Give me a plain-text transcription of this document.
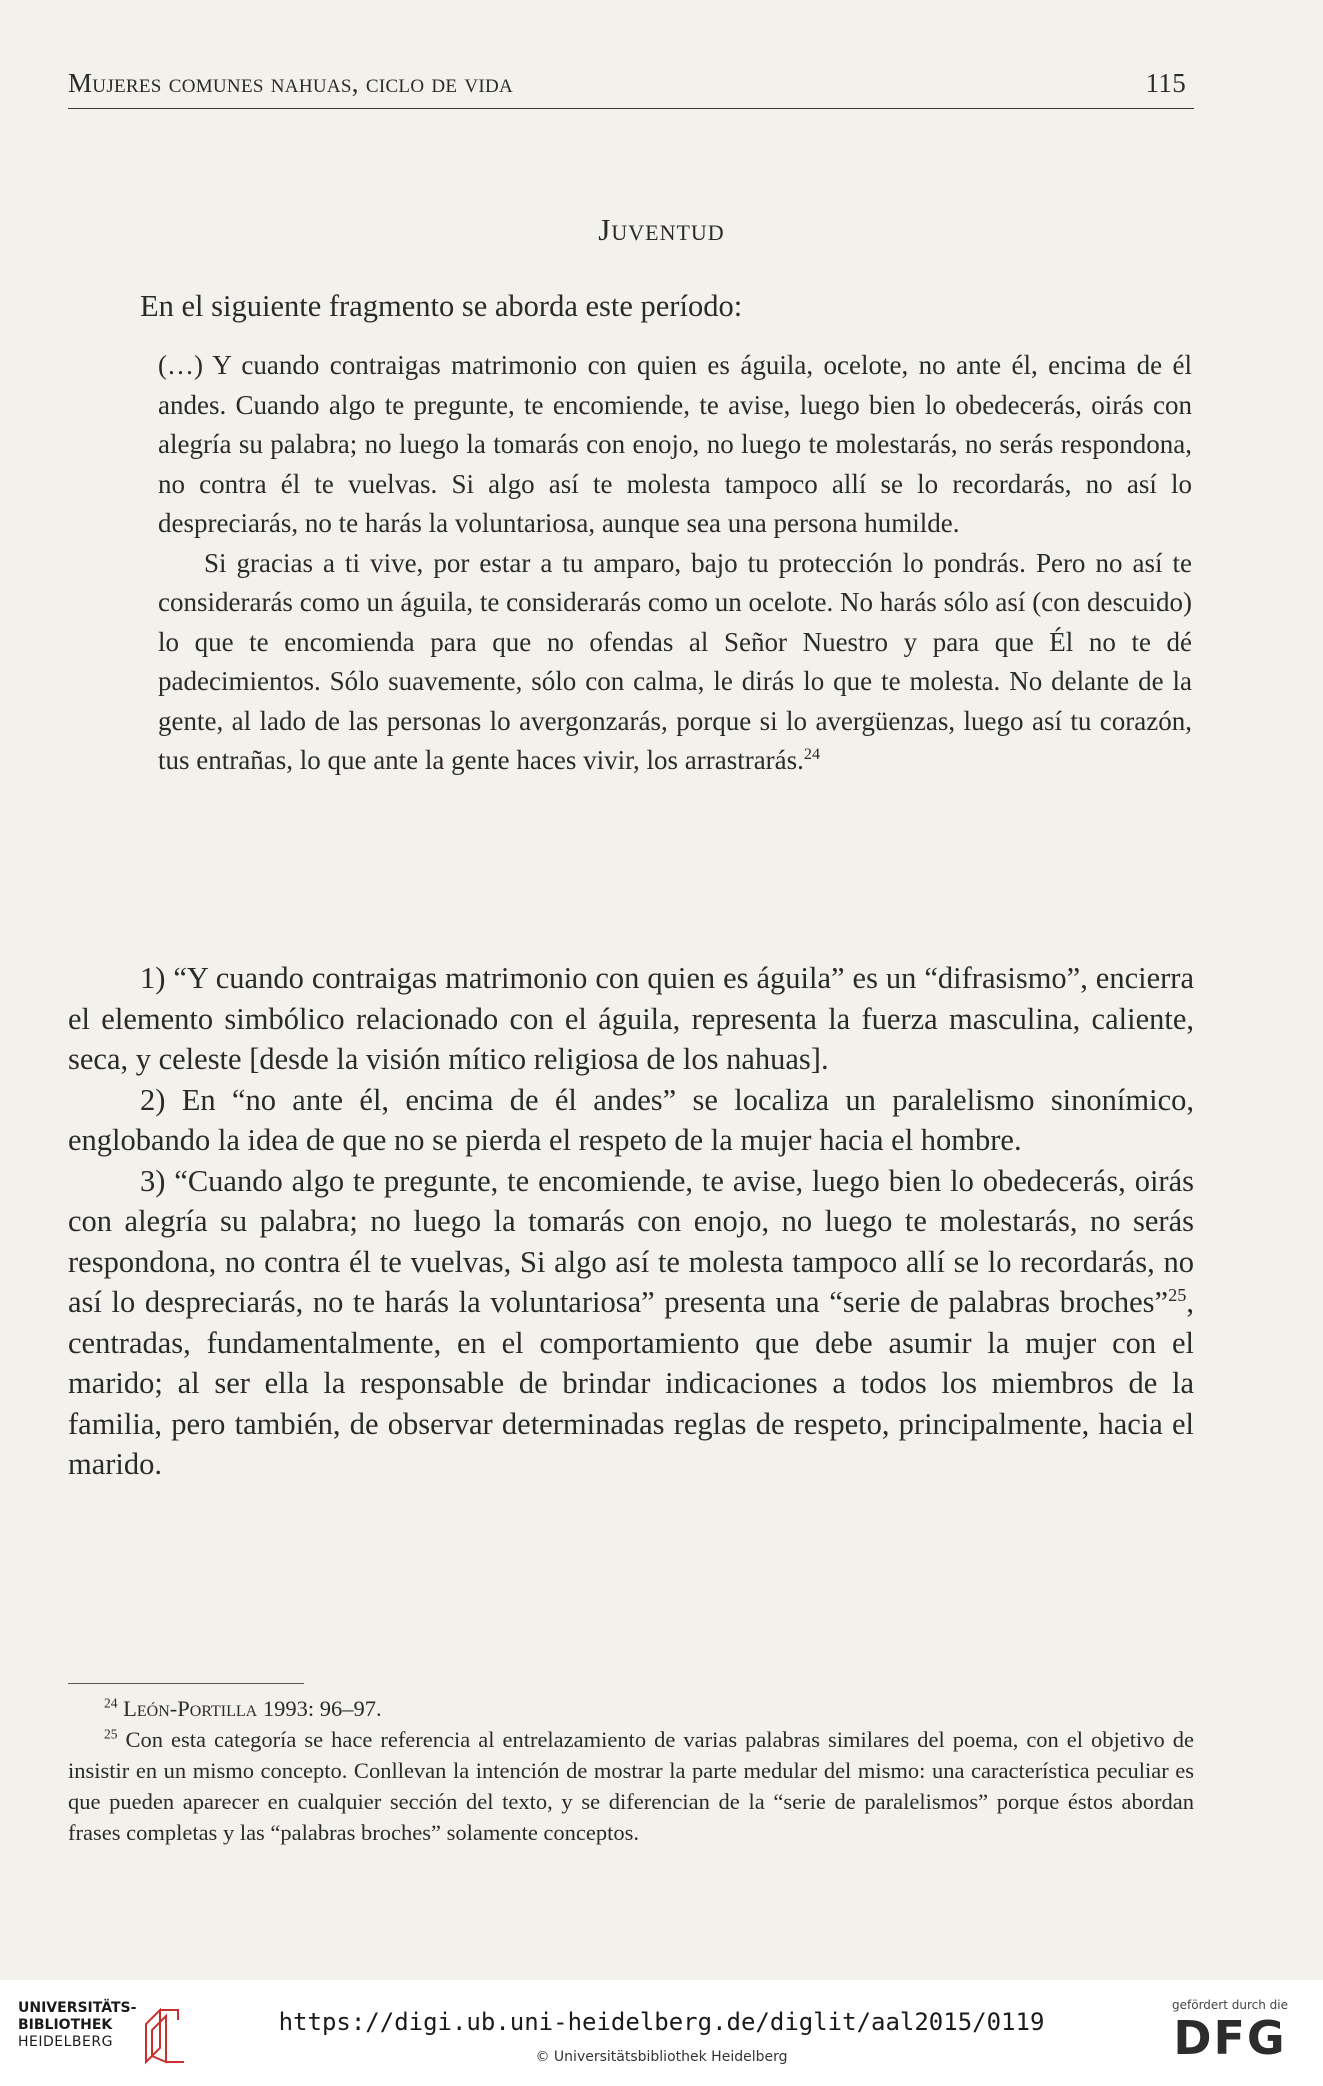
Mujeres comunes nahuas, ciclo de vida	115
Juventud

En el siguiente fragmento se aborda este período:

(…) Y cuando contraigas matrimonio con quien es águila, ocelote, no ante él, encima de él andes. Cuando algo te pregunte, te encomiende, te avise, luego bien lo obedecerás, oirás con alegría su palabra; no luego la tomarás con enojo, no luego te molestarás, no serás respondona, no contra él te vuelvas. Si algo así te molesta tampoco allí se lo recordarás, no así lo despreciarás, no te harás la voluntariosa, aunque sea una persona humilde.

Si gracias a ti vive, por estar a tu amparo, bajo tu protección lo pondrás. Pero no así te considerarás como un águila, te considerarás como un ocelote. No harás sólo así (con descuido) lo que te encomienda para que no ofendas al Señor Nuestro y para que Él no te dé padecimientos. Sólo suavemente, sólo con calma, le dirás lo que te molesta. No delante de la gente, al lado de las personas lo avergonzarás, porque si lo avergüenzas, luego así tu corazón, tus entrañas, lo que ante la gente haces vivir, los arrastrarás.$^{24}$

1) “Y cuando contraigas matrimonio con quien es águila” es un “difrasismo”, encierra el elemento simbólico relacionado con el águila, representa la fuerza masculina, caliente, seca, y celeste [desde la visión mítico religiosa de los nahuas].

2) En “no ante él, encima de él andes” se localiza un paralelismo sinonímico, englobando la idea de que no se pierda el respeto de la mujer hacia el hombre.

3) “Cuando algo te pregunte, te encomiende, te avise, luego bien lo obedecerás, oirás con alegría su palabra; no luego la tomarás con enojo, no luego te molestarás, no serás respondona, no contra él te vuelvas, Si algo así te molesta tampoco allí se lo recordarás, no así lo despreciarás, no te harás la voluntariosa” presenta una “serie de palabras broches”$^{25}$, centradas, fundamentalmente, en el comportamiento que debe asumir la mujer con el marido; al ser ella la responsable de brindar indicaciones a todos los miembros de la familia, pero también, de observar determinadas reglas de respeto, principalmente, hacia el marido.

$^{24}$ León-Portilla 1993: 96–97.

$^{25}$ Con esta categoría se hace referencia al entrelazamiento de varias palabras similares del poema, con el objetivo de insistir en un mismo concepto. Conllevan la intención de mostrar la parte medular del mismo: una característica peculiar es que pueden aparecer en cualquier sección del texto, y se diferencian de la “serie de paralelismos” porque éstos abordan frases completas y las “palabras broches” solamente conceptos.

UNIVERSITÄTS-
BIBLIOTHEK
HEIDELBERG
https://digi.ub.uni-heidelberg.de/diglit/aal2015/0119
© Universitätsbibliothek Heidelberg
gefördert durch die
DFG
